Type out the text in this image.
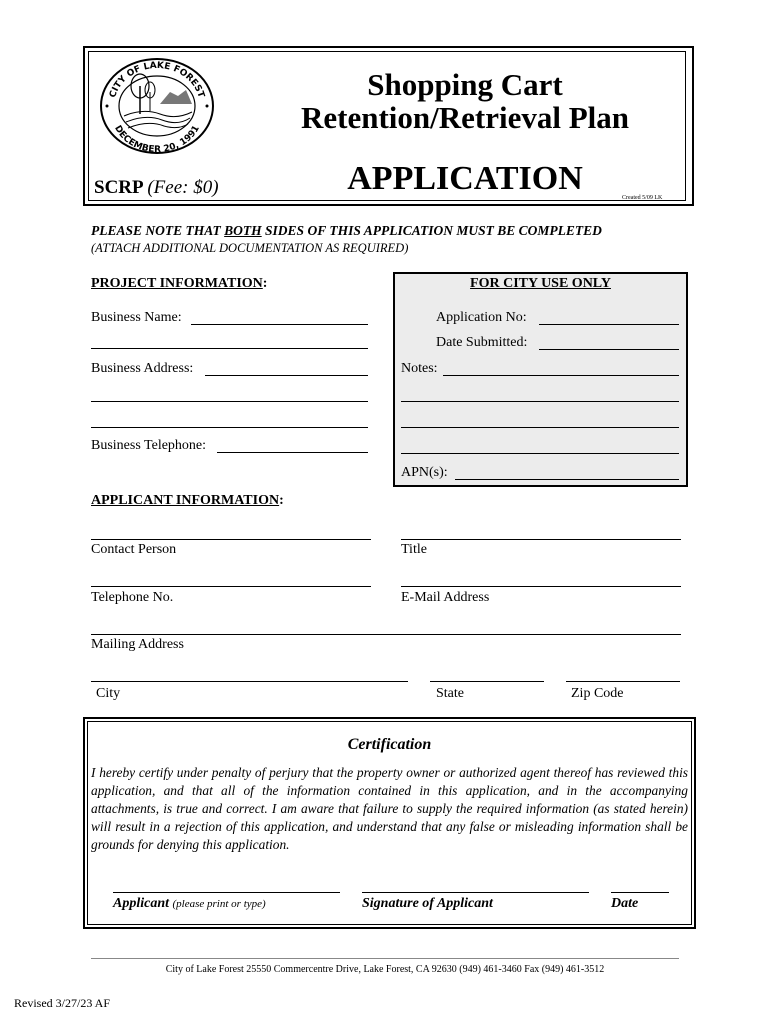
CITY OF LAKE FOREST
DECEMBER 20, 1991
Shopping Cart
Retention/Retrieval Plan
APPLICATION
SCRP (Fee: $0)	Created 5/09 LK
PLEASE NOTE THAT BOTH SIDES OF THIS APPLICATION MUST BE COMPLETED
(ATTACH ADDITIONAL DOCUMENTATION AS REQUIRED)
PROJECT INFORMATION:
Business Name:
Business Address:
Business Telephone:
FOR CITY USE ONLY
Application No:
Date Submitted:
Notes:
APN(s):
APPLICANT INFORMATION:
Contact Person	Title
Telephone No.	E-Mail Address
Mailing Address
City	State	Zip Code
Certification
I hereby certify under penalty of perjury that the property owner or authorized agent thereof has reviewed this application, and that all of the information contained in this application, and in the accompanying attachments, is true and correct. I am aware that failure to supply the required information (as stated herein) will result in a rejection of this application, and understand that any false or misleading information shall be grounds for denying this application.
Applicant (please print or type)	Signature of Applicant	Date
City of Lake Forest 25550 Commercentre Drive, Lake Forest, CA 92630 (949) 461-3460 Fax (949) 461-3512
Revised 3/27/23 AF
